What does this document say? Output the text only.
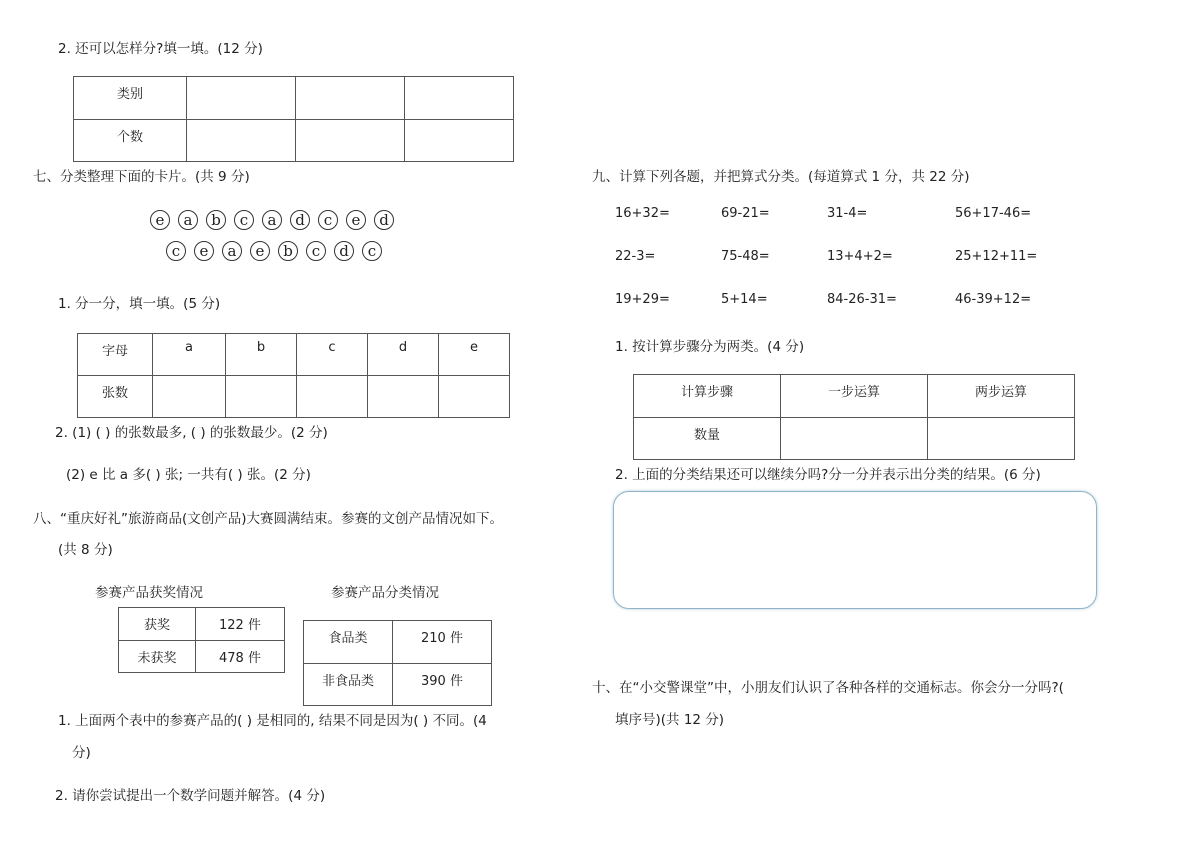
2. 还可以怎样分?填一填。(12 分)
类别			
个数			
七、分类整理下面的卡片。(共 9 分)
e a b c a d c e d
c e a e b c d c
1. 分一分，填一填。(5 分)
字母	a	b	c	d	e
张数					
2. (1) ( ) 的张数最多, ( ) 的张数最少。(2 分)
(2) e 比 a 多( ) 张; 一共有( ) 张。(2 分)
八、“重庆好礼”旅游商品(文创产品)大赛圆满结束。参赛的文创产品情况如下。
(共 8 分)
参赛产品获奖情况
获奖	122 件
未获奖	478 件
参赛产品分类情况
食品类	210 件
非食品类	390 件
1. 上面两个表中的参赛产品的( ) 是相同的, 结果不同是因为( ) 不同。(4
分)
2. 请你尝试提出一个数学问题并解答。(4 分)
九、计算下列各题，并把算式分类。(每道算式 1 分，共 22 分)
16+32=	69-21=	31-4=	56+17-46=
22-3=	75-48=	13+4+2=	25+12+11=
19+29=	5+14=	84-26-31=	46-39+12=
1. 按计算步骤分为两类。(4 分)
计算步骤	一步运算	两步运算
数量		
2. 上面的分类结果还可以继续分吗?分一分并表示出分类的结果。(6 分)
十、在“小交警课堂”中，小朋友们认识了各种各样的交通标志。你会分一分吗?(
填序号)(共 12 分)
